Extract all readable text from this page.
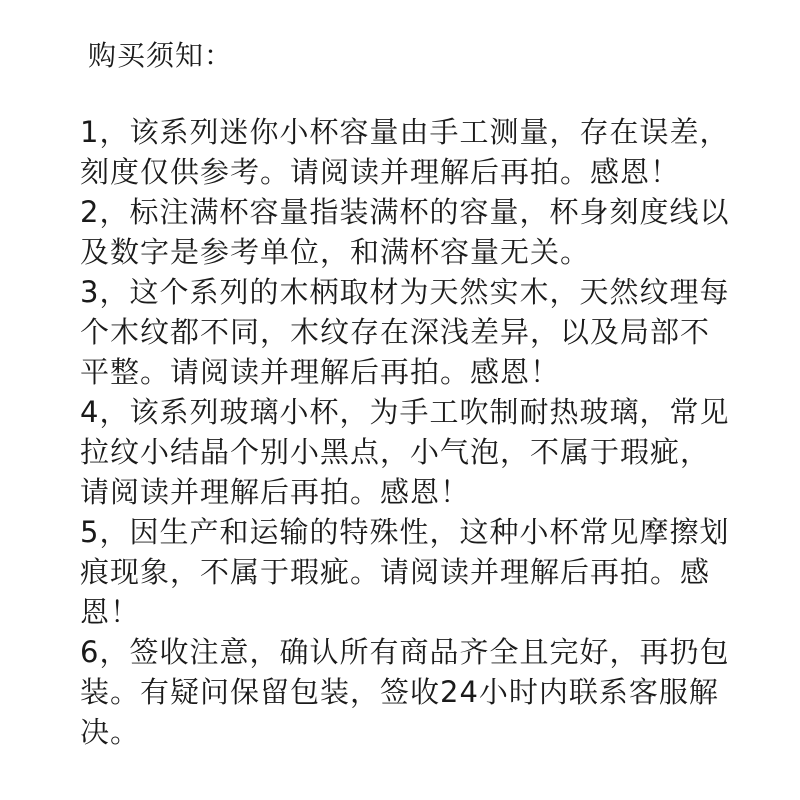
购买须知：
1，该系列迷你小杯容量由手工测量，存在误差，
刻度仅供参考。请阅读并理解后再拍。感恩！
2，标注满杯容量指装满杯的容量，杯身刻度线以
及数字是参考单位，和满杯容量无关。
3，这个系列的木柄取材为天然实木，天然纹理每
个木纹都不同，木纹存在深浅差异，以及局部不
平整。请阅读并理解后再拍。感恩！
4，该系列玻璃小杯，为手工吹制耐热玻璃，常见
拉纹小结晶个别小黑点，小气泡，不属于瑕疵，
请阅读并理解后再拍。感恩！
5，因生产和运输的特殊性，这种小杯常见摩擦划
痕现象，不属于瑕疵。请阅读并理解后再拍。感
恩！
6，签收注意，确认所有商品齐全且完好，再扔包
装。有疑问保留包装，签收24小时内联系客服解
决。
